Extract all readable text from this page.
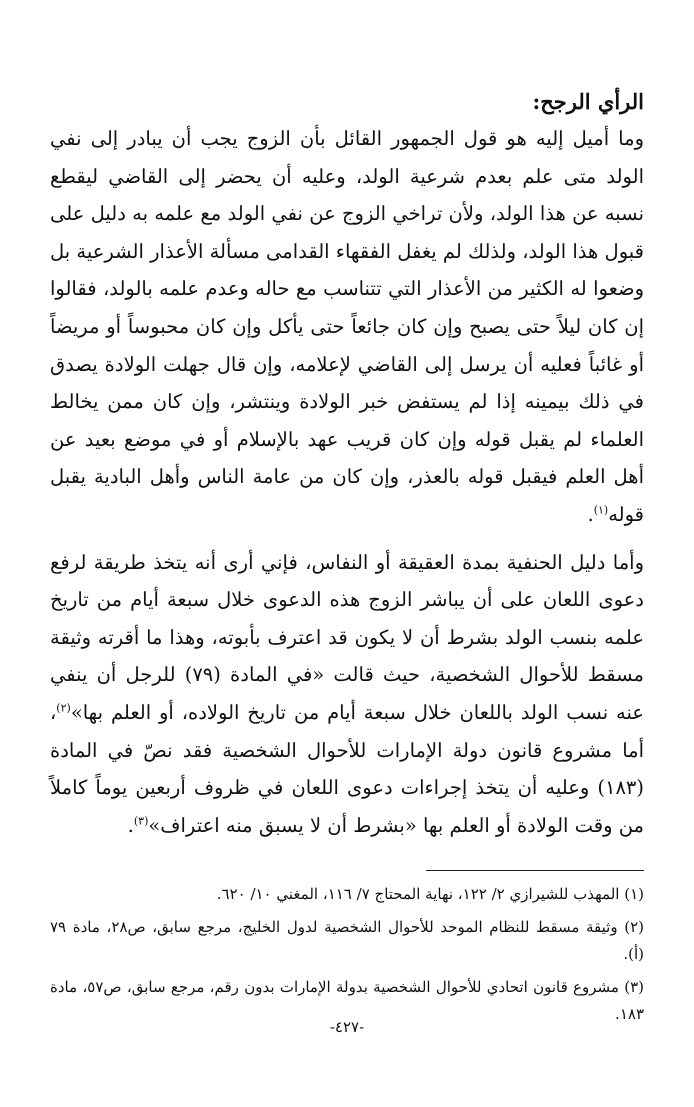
الرأي الرجح:

وما أميل إليه هو قول الجمهور القائل بأن الزوج يجب أن يبادر إلى نفي الولد متى علم بعدم شرعية الولد، وعليه أن يحضر إلى القاضي ليقطع نسبه عن هذا الولد، ولأن تراخي الزوج عن نفي الولد مع علمه به دليل على قبول هذا الولد، ولذلك لم يغفل الفقهاء القدامى مسألة الأعذار الشرعية بل وضعوا له الكثير من الأعذار التي تتناسب مع حاله وعدم علمه بالولد، فقالوا إن كان ليلاً حتى يصبح وإن كان جائعاً حتى يأكل وإن كان محبوساً أو مريضاً أو غائباً فعليه أن يرسل إلى القاضي لإعلامه، وإن قال جهلت الولادة يصدق في ذلك بيمينه إذا لم يستفض خبر الولادة وينتشر، وإن كان ممن يخالط العلماء لم يقبل قوله وإن كان قريب عهد بالإسلام أو في موضع بعيد عن أهل العلم فيقبل قوله بالعذر، وإن كان من عامة الناس وأهل البادية يقبل قوله$^{(١)}$.

وأما دليل الحنفية بمدة العقيقة أو النفاس، فإني أرى أنه يتخذ طريقة لرفع دعوى اللعان على أن يباشر الزوج هذه الدعوى خلال سبعة أيام من تاريخ علمه بنسب الولد بشرط أن لا يكون قد اعترف بأبوته، وهذا ما أقرته وثيقة مسقط للأحوال الشخصية، حيث قالت «في المادة (٧٩) للرجل أن ينفي عنه نسب الولد باللعان خلال سبعة أيام من تاريخ الولاده، أو العلم بها»$^{(٢)}$، أما مشروع قانون دولة الإمارات للأحوال الشخصية فقد نصّ في المادة (١٨٣) وعليه أن يتخذ إجراءات دعوى اللعان في ظروف أربعين يوماً كاملاً من وقت الولادة أو العلم بها «بشرط أن لا يسبق منه اعتراف»$^{(٣)}$.

(١) المهذب للشيرازي ٢/ ١٢٢، نهاية المحتاج ٧/ ١١٦، المغني ١٠/ ٦٢٠.

(٢) وثيقة مسقط للنظام الموحد للأحوال الشخصية لدول الخليج، مرجع سابق، ص٢٨، مادة ٧٩ (أ).

(٣) مشروع قانون اتحادي للأحوال الشخصية بدولة الإمارات بدون رقم، مرجع سابق، ص٥٧، مادة ١٨٣.

-٤٢٧-
